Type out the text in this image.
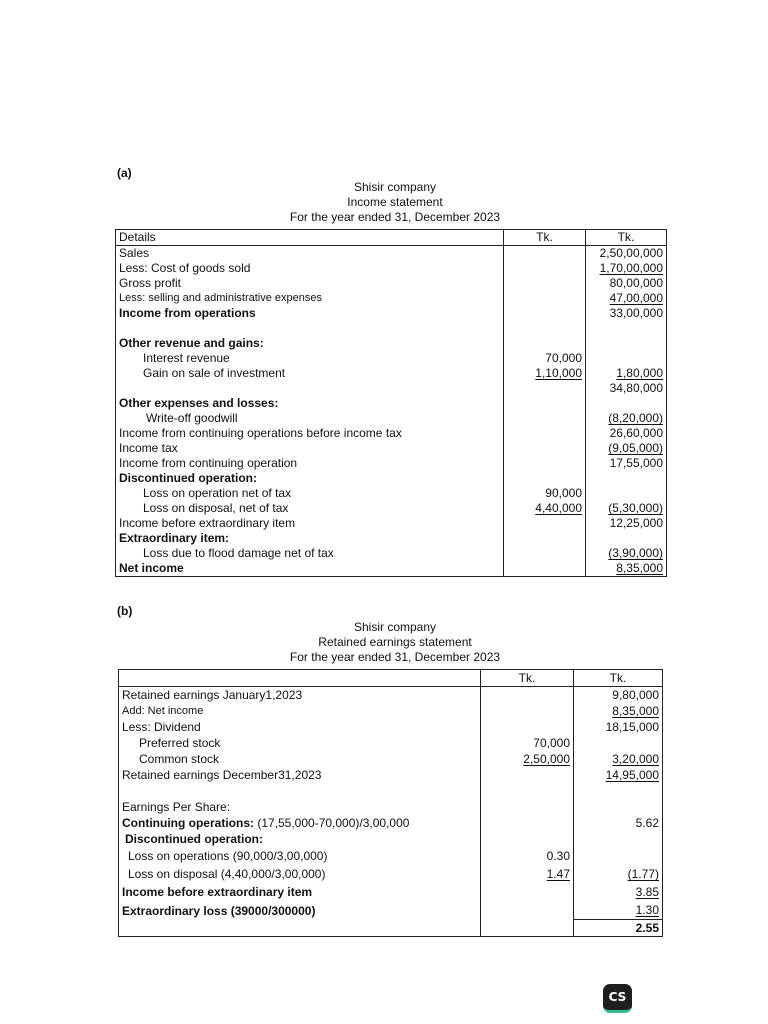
(a)
Shisir company
Income statement
For the year ended 31, December 2023
Details	Tk.	Tk.
Sales		2,50,00,000
Less: Cost of goods sold		1,70,00,000
Gross profit		80,00,000
Less: selling and administrative expenses		47,00,000
Income from operations		33,00,000

Other revenue and gains:		
Interest revenue	70,000	
Gain on sale of investment	1,10,000	1,80,000
		34,80,000
Other expenses and losses:		
Write-off goodwill		(8,20,000)
Income from continuing operations before income tax		26,60,000
Income tax		(9,05,000)
Income from continuing operation		17,55,000
Discontinued operation:		
Loss on operation net of tax	90,000	
Loss on disposal, net of tax	4,40,000	(5,30,000)
Income before extraordinary item		12,25,000
Extraordinary item:		
Loss due to flood damage net of tax		(3,90,000)
Net income		8,35,000
(b)
Shisir company
Retained earnings statement
For the year ended 31, December 2023
	Tk.	Tk.
Retained earnings January1,2023		9,80,000
Add: Net income		8,35,000
Less: Dividend		18,15,000
Preferred stock	70,000	
Common stock	2,50,000	3,20,000
Retained earnings December31,2023		14,95,000

Earnings Per Share:		
Continuing operations: (17,55,000-70,000)/3,00,000		5.62
Discontinued operation:		
Loss on operations (90,000/3,00,000)	0.30	
Loss on disposal (4,40,000/3,00,000)	1.47	(1.77)
Income before extraordinary item		3.85
Extraordinary loss (39000/300000)		1.30
		2.55
CS
